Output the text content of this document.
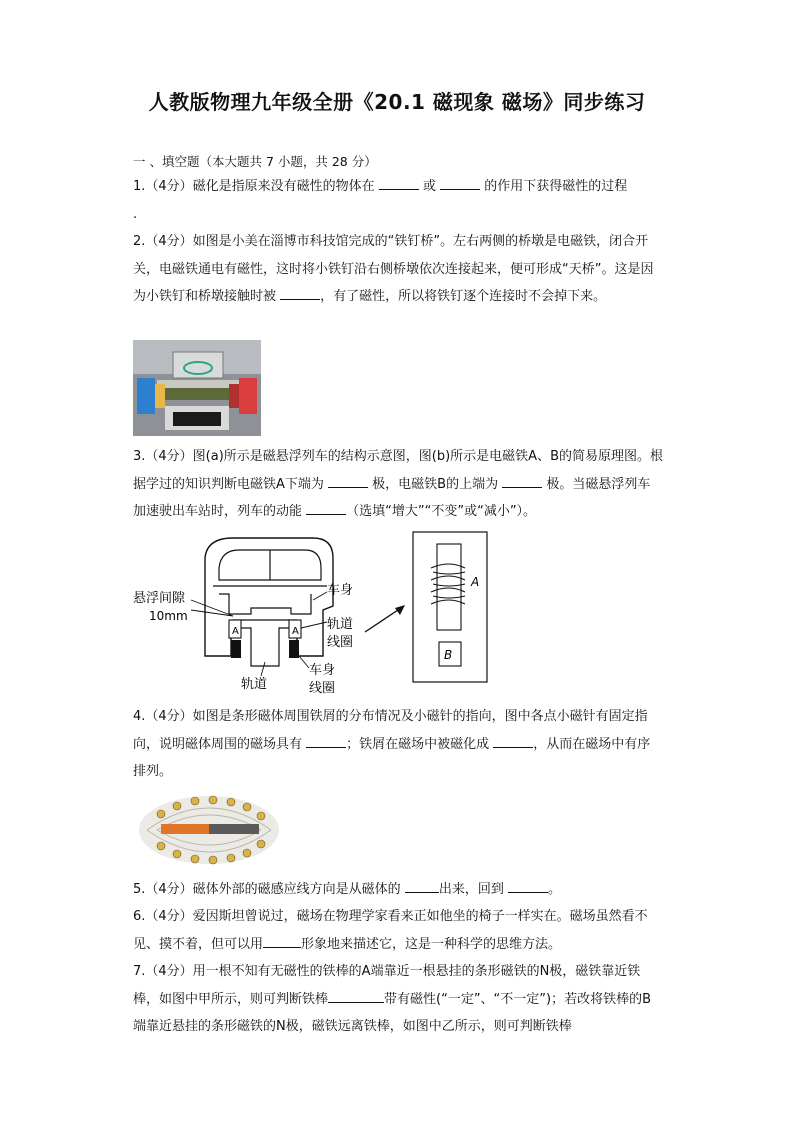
人教版物理九年级全册《20.1 磁现象 磁场》同步练习
一 、填空题（本大题共 7 小题，共 28 分）
1.（4分）磁化是指原来没有磁性的物体在	或	的作用下获得磁性的过程
.
2.（4分）如图是小美在淄博市科技馆完成的“铁钉桥”。左右两侧的桥墩是电磁铁，闭合开关，电磁铁通电有磁性，这时将小铁钉沿右侧桥墩依次连接起来，便可形成“天桥”。这是因为小铁钉和桥墩接触时被	，有了磁性，所以将铁钉逐个连接时不会掉下来。
3.（4分）图(a)所示是磁悬浮列车的结构示意图，图(b)所示是电磁铁A、B的简易原理图。根据学过的知识判断电磁铁A下端为	极，电磁铁B的上端为	极。当磁悬浮列车加速驶出车站时，列车的动能	（选填“增大”“不变”或“减小”）。
A	A
悬浮间隙
10mm
车身
轨道
线圈
车身
线圈
轨道
A
B
4.（4分）如图是条形磁体周围铁屑的分布情况及小磁针的指向，图中各点小磁针有固定指向，说明磁体周围的磁场具有	；铁屑在磁场中被磁化成	，从而在磁场中有序排列。
5.（4分）磁体外部的磁感应线方向是从磁体的	出来，回到	。
6.（4分）爱因斯坦曾说过，磁场在物理学家看来正如他坐的椅子一样实在。磁场虽然看不见、摸不着，但可以用	形象地来描述它，这是一种科学的思维方法。
7.（4分）用一根不知有无磁性的铁棒的A端靠近一根悬挂的条形磁铁的N极，磁铁靠近铁棒，如图中甲所示，则可判断铁棒	带有磁性(“一定”、“不一定”)；若改将铁棒的B端靠近悬挂的条形磁铁的N极，磁铁远离铁棒，如图中乙所示，则可判断铁棒
